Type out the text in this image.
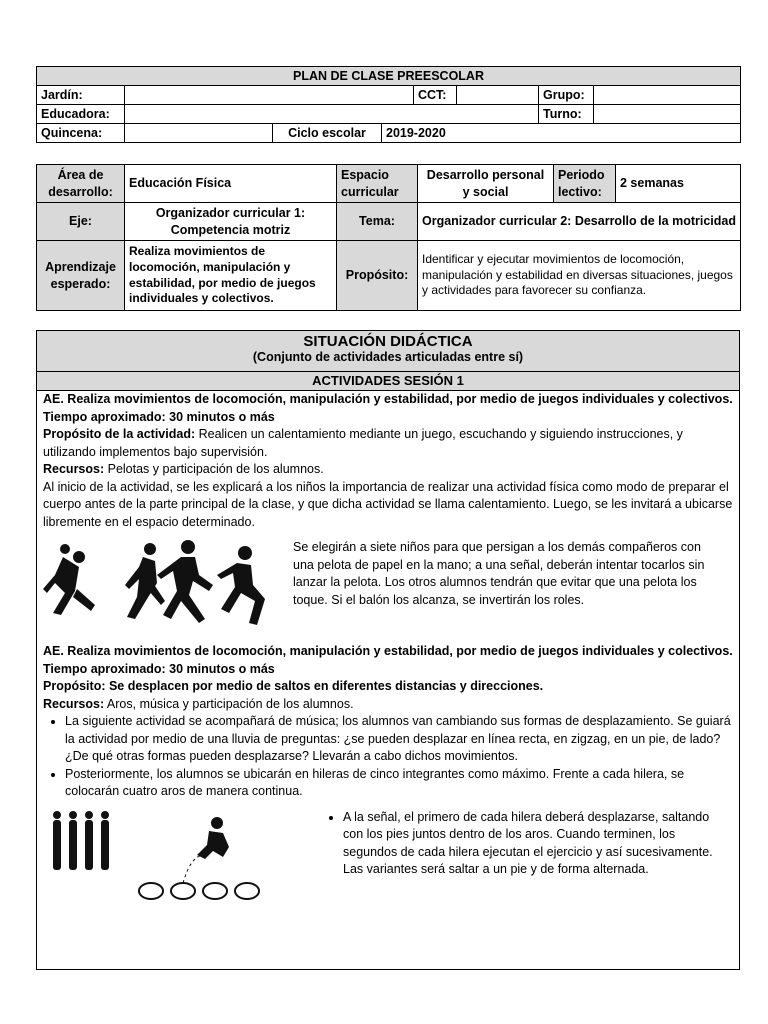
PLAN DE CLASE PREESCOLAR							
Jardín:				CCT:		Grupo:	
Educadora:						Turno:	
Quincena:		Ciclo escolar	2019-2020				
Área de desarrollo:	Educación Física	Espacio curricular	Desarrollo personal y social	Periodo lectivo:	2 semanas
Eje:	Organizador curricular 1: Competencia motriz	Tema:	Organizador curricular 2: Desarrollo de la motricidad		
Aprendizaje esperado:	Realiza movimientos de locomoción, manipulación y estabilidad, por medio de juegos individuales y colectivos.	Propósito:	Identificar y ejecutar movimientos de locomoción, manipulación y estabilidad en diversas situaciones, juegos y actividades para favorecer su confianza.		
SITUACIÓN DIDÁCTICA
(Conjunto de actividades articuladas entre sí)
ACTIVIDADES SESIÓN 1

AE. Realiza movimientos de locomoción, manipulación y estabilidad, por medio de juegos individuales y colectivos.

Tiempo aproximado: 30 minutos o más

Propósito de la actividad: Realicen un calentamiento mediante un juego, escuchando y siguiendo instrucciones, y utilizando implementos bajo supervisión.

Recursos: Pelotas y participación de los alumnos.

Al inicio de la actividad, se les explicará a los niños la importancia de realizar una actividad física como modo de preparar el cuerpo antes de la parte principal de la clase, y que dicha actividad se llama calentamiento. Luego, se les invitará a ubicarse libremente en el espacio determinado.

Se elegirán a siete niños para que persigan a los demás compañeros con una pelota de papel en la mano; a una señal, deberán intentar tocarlos sin lanzar la pelota. Los otros alumnos tendrán que evitar que una pelota los toque. Si el balón los alcanza, se invertirán los roles.

AE. Realiza movimientos de locomoción, manipulación y estabilidad, por medio de juegos individuales y colectivos.

Tiempo aproximado: 30 minutos o más

Propósito: Se desplacen por medio de saltos en diferentes distancias y direcciones.

Recursos: Aros, música y participación de los alumnos.

• La siguiente actividad se acompañará de música; los alumnos van cambiando sus formas de desplazamiento. Se guiará la actividad por medio de una lluvia de preguntas: ¿se pueden desplazar en línea recta, en zigzag, en un pie, de lado? ¿De qué otras formas pueden desplazarse? Llevarán a cabo dichos movimientos.
• Posteriormente, los alumnos se ubicarán en hileras de cinco integrantes como máximo. Frente a cada hilera, se colocarán cuatro aros de manera continua.
• A la señal, el primero de cada hilera deberá desplazarse, saltando con los pies juntos dentro de los aros. Cuando terminen, los segundos de cada hilera ejecutan el ejercicio y así sucesivamente. Las variantes será saltar a un pie y de forma alternada.
